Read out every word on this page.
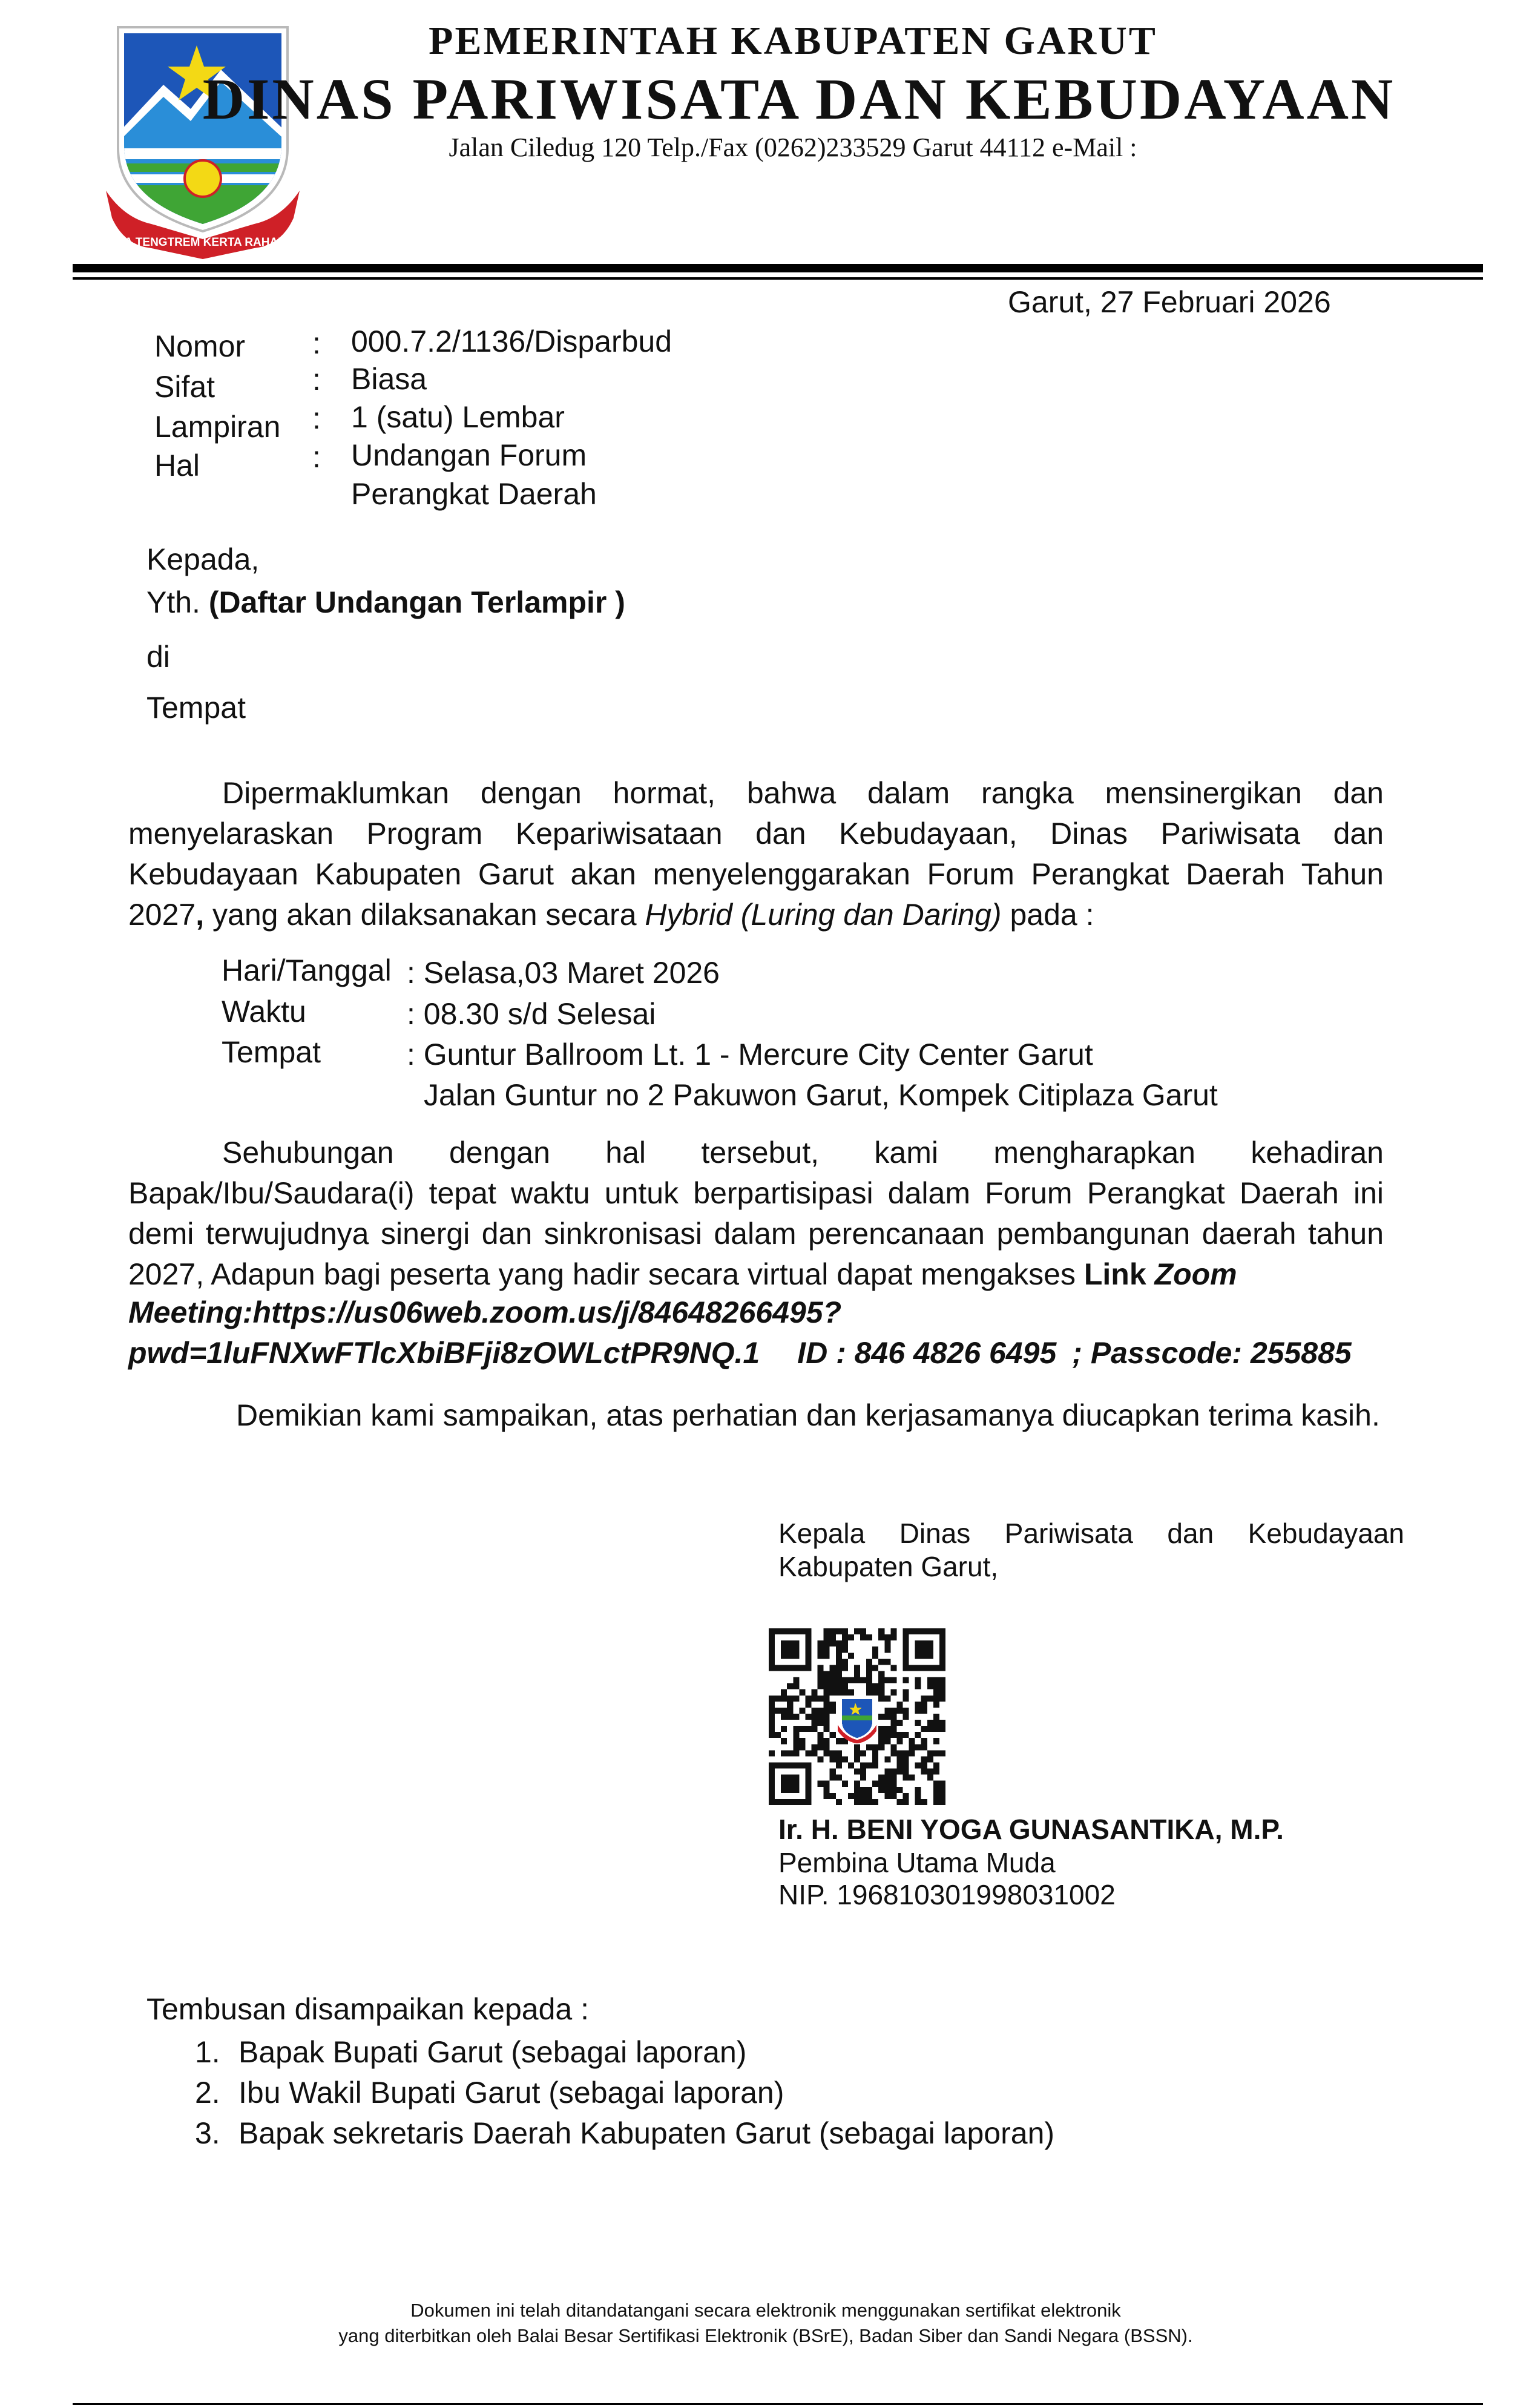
TATA TENGTREM KERTA RAHARJA
PEMERINTAH KABUPATEN GARUT
DINAS PARIWISATA DAN KEBUDAYAAN
Jalan Ciledug 120 Telp./Fax (0262)233529 Garut 44112 e-Mail :
Garut, 27 Februari 2026
Nomor : 000.7.2/1136/Disparbud
Sifat	: Biasa
Lampiran : 1 (satu) Lembar
Hal	: Undangan Forum
Perangkat Daerah
Kepada,
Yth. (Daftar Undangan Terlampir )
di
Tempat
Dipermaklumkan dengan hormat, bahwa dalam rangka mensinergikan dan menyelaraskan Program Kepariwisataan dan Kebudayaan, Dinas Pariwisata dan Kebudayaan Kabupaten Garut akan menyelenggarakan Forum Perangkat Daerah Tahun 2027, yang akan dilaksanakan secara Hybrid (Luring dan Daring) pada :
Hari/Tanggal : Selasa,03 Maret 2026
Waktu	: 08.30 s/d Selesai
Tempat	: Guntur Ballroom Lt. 1 - Mercure City Center Garut
Jalan Guntur no 2 Pakuwon Garut, Kompek Citiplaza Garut
Sehubungan dengan hal tersebut, kami mengharapkan kehadiran Bapak/Ibu/Saudara(i) tepat waktu untuk berpartisipasi dalam Forum Perangkat Daerah ini demi terwujudnya sinergi dan sinkronisasi dalam perencanaan pembangunan daerah tahun 2027, Adapun bagi peserta yang hadir secara virtual dapat mengakses Link Zoom
Meeting:https://us06web.zoom.us/j/84648266495?
pwd=1luFNXwFTlcXbiBFji8zOWLctPR9NQ.1 ID : 846 4826 6495 ; Passcode: 255885
Demikian kami sampaikan, atas perhatian dan kerjasamanya diucapkan terima kasih.
Kepala Dinas Pariwisata dan Kebudayaan
Kabupaten Garut,
Ir. H. BENI YOGA GUNASANTIKA, M.P.
Pembina Utama Muda
NIP. 196810301998031002
Tembusan disampaikan kepada :
1. Bapak Bupati Garut (sebagai laporan)
2. Ibu Wakil Bupati Garut (sebagai laporan)
3. Bapak sekretaris Daerah Kabupaten Garut (sebagai laporan)
Dokumen ini telah ditandatangani secara elektronik menggunakan sertifikat elektronik
yang diterbitkan oleh Balai Besar Sertifikasi Elektronik (BSrE), Badan Siber dan Sandi Negara (BSSN).
